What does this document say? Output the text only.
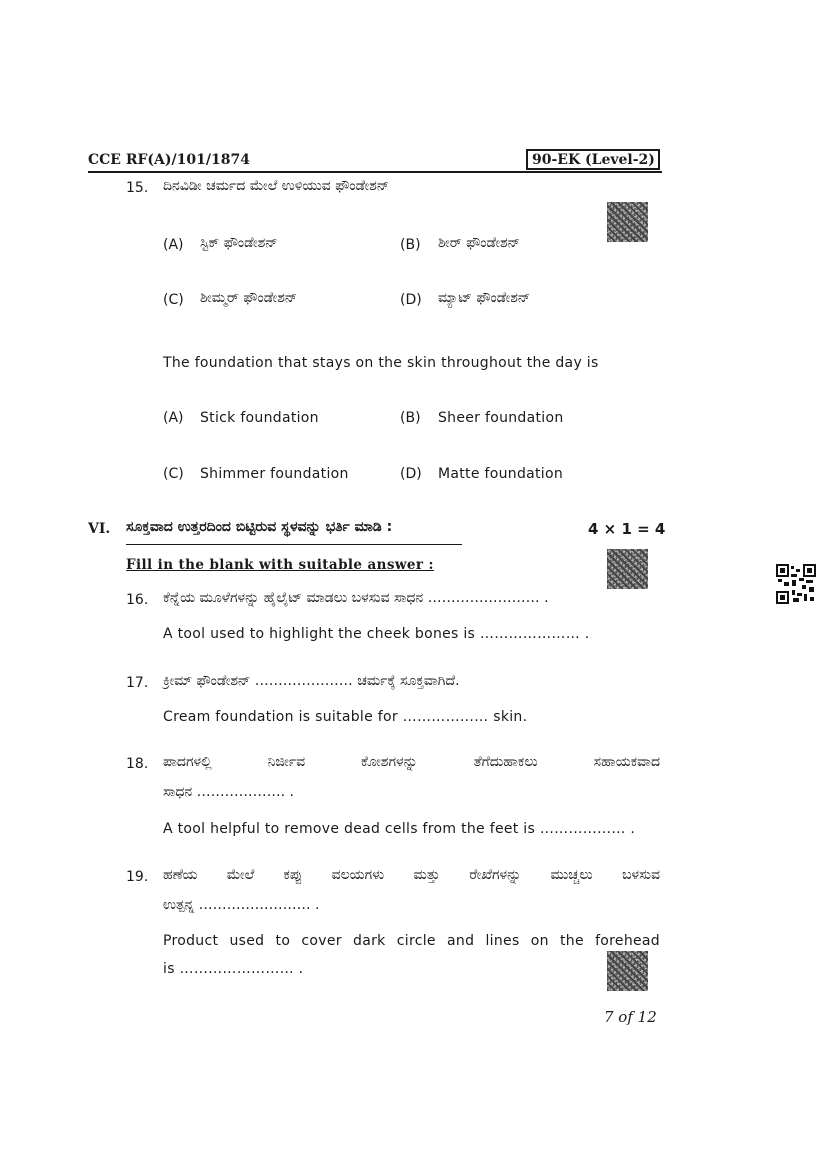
CCE RF(A)/101/1874	90-EK (Level-2)
15. ದಿನವಿಡೀ ಚರ್ಮದ ಮೇಲೆ ಉಳಿಯುವ ಫೌಂಡೇಶನ್
(A) ಸ್ಟಿಕ್ ಫೌಂಡೇಶನ್	(B) ಶೀರ್ ಫೌಂಡೇಶನ್
(C) ಶೀಮ್ಮರ್ ಫೌಂಡೇಶನ್	(D) ಮ್ಯಾಟ್ ಫೌಂಡೇಶನ್
The foundation that stays on the skin throughout the day is
(A) Stick foundation	(B) Sheer foundation
(C) Shimmer foundation	(D) Matte foundation
VI. ಸೂಕ್ತವಾದ ಉತ್ತರದಿಂದ ಬಿಟ್ಟಿರುವ ಸ್ಥಳವನ್ನು ಭರ್ತಿ ಮಾಡಿ :	4 × 1 = 4
Fill in the blank with suitable answer :
16. ಕೆನ್ನೆಯ ಮೂಳೆಗಳನ್ನು ಹೈಲೈಟ್ ಮಾಡಲು ಬಳಸುವ ಸಾಧನ …………………… .
A tool used to highlight the cheek bones is ………………… .
17. ಕ್ರೀಮ್ ಫೌಂಡೇಶನ್ ………………… ಚರ್ಮಕ್ಕೆ ಸೂಕ್ತವಾಗಿದೆ.
Cream foundation is suitable for ……………… skin.
18. ಪಾದಗಳಲ್ಲಿ ನಿರ್ಜೀವ ಕೋಶಗಳನ್ನು ತೆಗೆದುಹಾಕಲು ಸಹಾಯಕವಾದ
ಸಾಧನ ………………. .
A tool helpful to remove dead cells from the feet is ……………… .
19. ಹಣೆಯ ಮೇಲೆ ಕಪ್ಪು ವಲಯಗಳು ಮತ್ತು ರೇಖೆಗಳನ್ನು ಮುಚ್ಚಲು ಬಳಸುವ
ಉತ್ಪನ್ನ …………………… .
Product used to cover dark circle and lines on the forehead
is …………………… .
7 of 12
